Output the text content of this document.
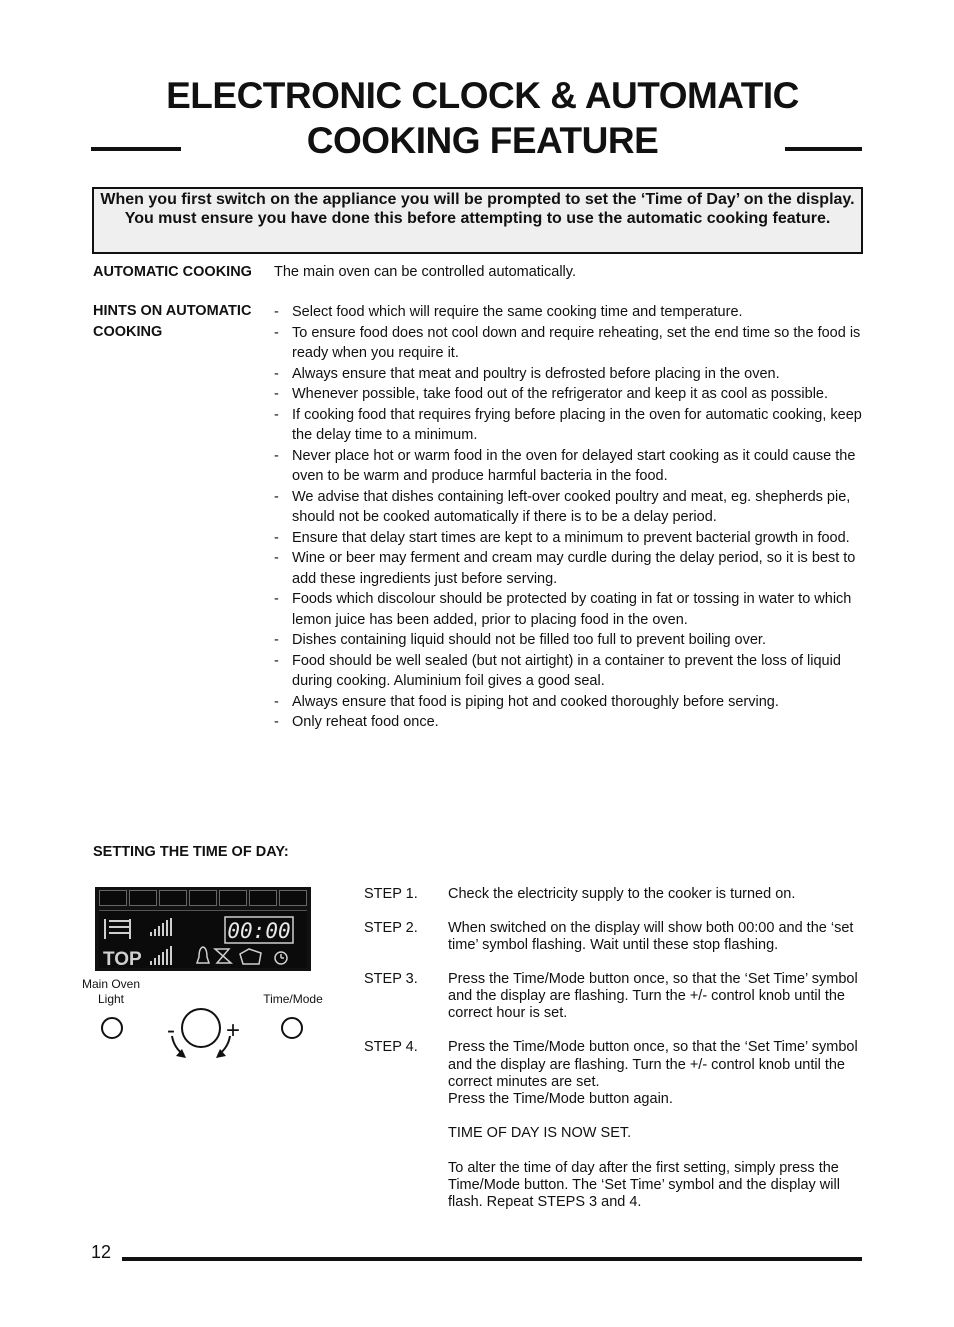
ELECTRONIC CLOCK & AUTOMATIC
COOKING FEATURE
When you first switch on the appliance you will be prompted to set the ‘Time of Day’ on the display. You must ensure you have done this before attempting to use the automatic cooking feature.
AUTOMATIC COOKING The main oven can be controlled automatically.
HINTS ON AUTOMATIC
COOKING
- Select food which will require the same cooking time and temperature.
- To ensure food does not cool down and require reheating, set the end time so the food is ready when you require it.
- Always ensure that meat and poultry is defrosted before placing in the oven.
- Whenever possible, take food out of the refrigerator and keep it as cool as possible.
- If cooking food that requires frying before placing in the oven for automatic cooking, keep the delay time to a minimum.
- Never place hot or warm food in the oven for delayed start cooking as it could cause the oven to be warm and produce harmful bacteria in the food.
- We advise that dishes containing left-over cooked poultry and meat, eg. shepherds pie, should not be cooked automatically if there is to be a delay period.
- Ensure that delay start times are kept to a minimum to prevent bacterial growth in food.
- Wine or beer may ferment and cream may curdle during the delay period, so it is best to add these ingredients just before serving.
- Foods which discolour should be protected by coating in fat or tossing in water to which lemon juice has been added, prior to placing food in the oven.
- Dishes containing liquid should not be filled too full to prevent boiling over.
- Food should be well sealed (but not airtight) in a container to prevent the loss of liquid during cooking. Aluminium foil gives a good seal.
- Always ensure that food is piping hot and cooked thoroughly before serving.
- Only reheat food once.
SETTING THE TIME OF DAY:
00:00
TOP
Main Oven
Light	Time/Mode
- +
STEP 1. Check the electricity supply to the cooker is turned on.
STEP 2. When switched on the display will show both 00:00 and the ‘set time’ symbol flashing. Wait until these stop flashing.
STEP 3. Press the Time/Mode button once, so that the ‘Set Time’ symbol and the display are flashing. Turn the +/- control knob until the correct hour is set.
STEP 4. Press the Time/Mode button once, so that the ‘Set Time’ symbol and the display are flashing. Turn the +/- control knob until the correct minutes are set.
Press the Time/Mode button again.
TIME OF DAY IS NOW SET.
To alter the time of day after the first setting, simply press the Time/Mode button. The ‘Set Time’ symbol and the display will flash. Repeat STEPS 3 and 4.
12
